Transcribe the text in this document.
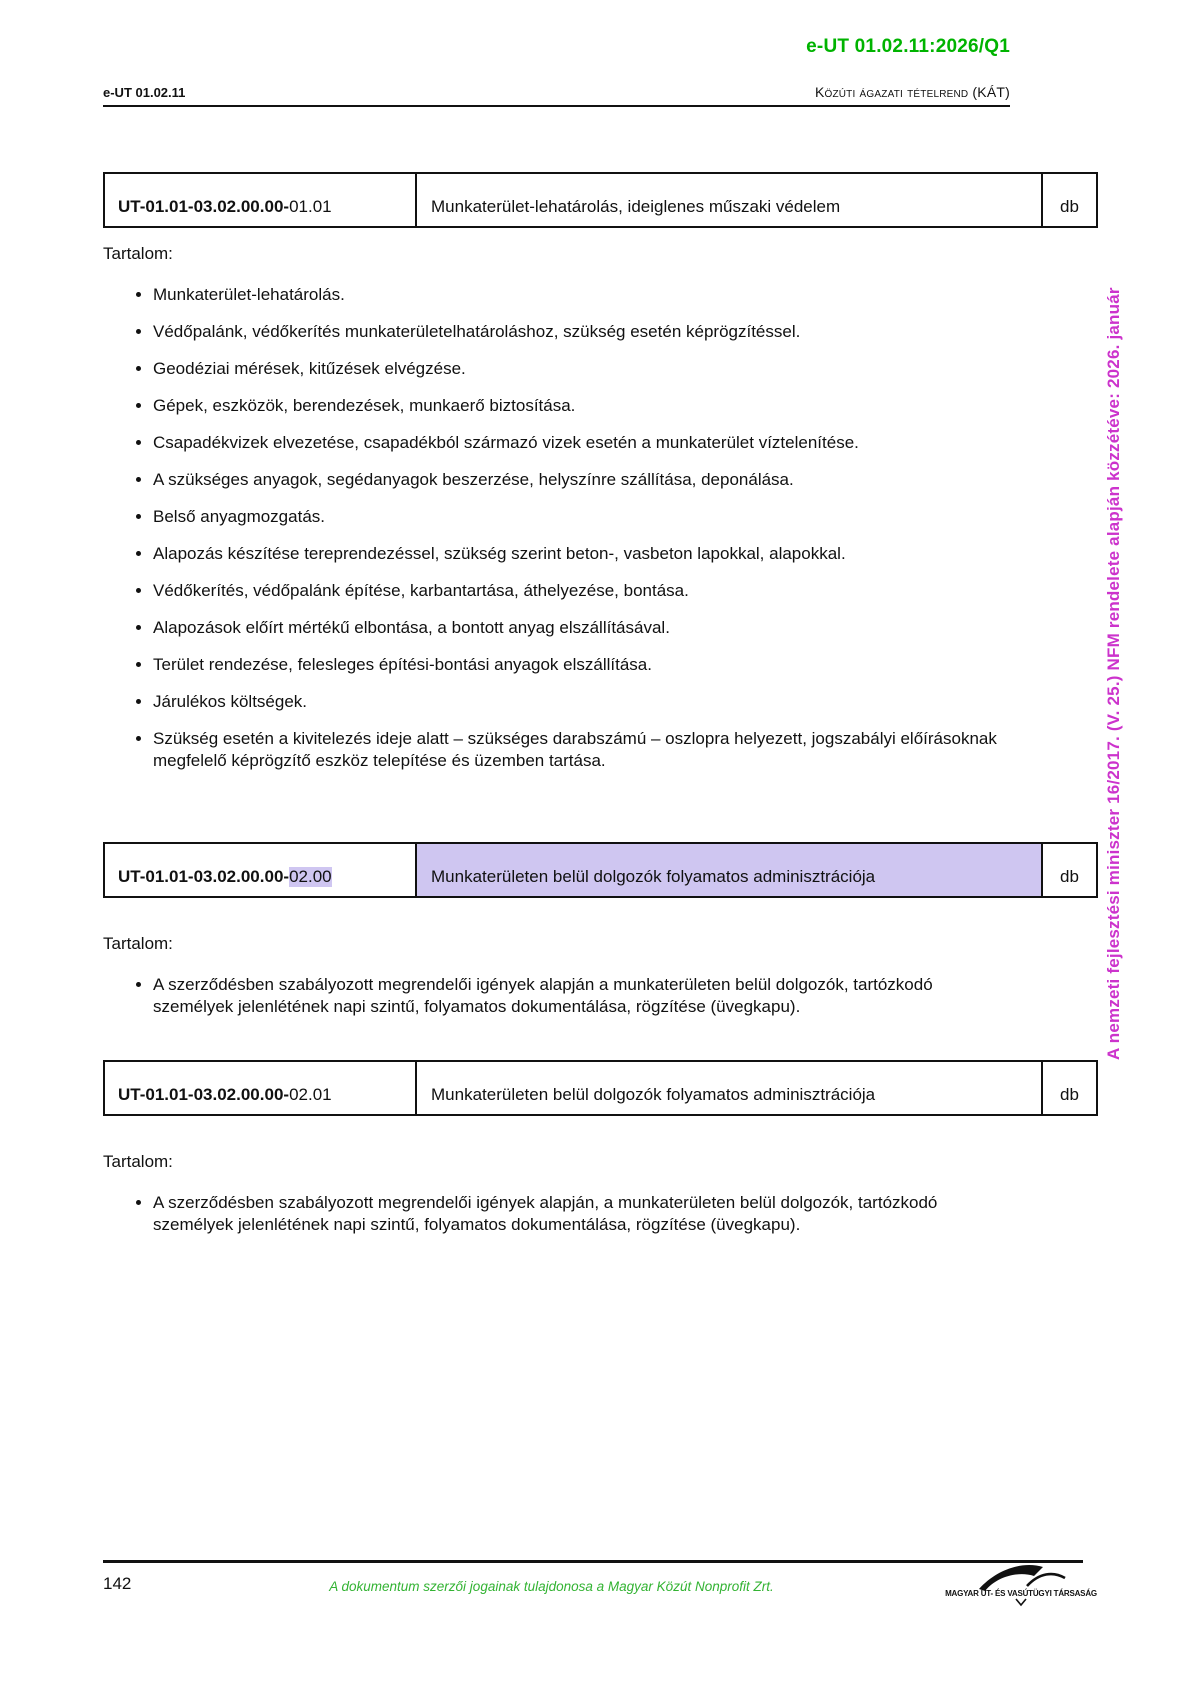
e-UT 01.02.11:2026/Q1
e-UT 01.02.11	Közúti ágazati tételrend (KÁT)
UT-01.01-03.02.00.00- 01.01	Munkaterület-lehatárolás, ideiglenes műszaki védelem	db
Tartalom:
• Munkaterület-lehatárolás.
• Védőpalánk, védőkerítés munkaterületelhatároláshoz, szükség esetén képrögzítéssel.
• Geodéziai mérések, kitűzések elvégzése.
• Gépek, eszközök, berendezések, munkaerő biztosítása.
• Csapadékvizek elvezetése, csapadékból származó vizek esetén a munkaterület víztelenítése.
• A szükséges anyagok, segédanyagok beszerzése, helyszínre szállítása, deponálása.
• Belső anyagmozgatás.
• Alapozás készítése tereprendezéssel, szükség szerint beton-, vasbeton lapokkal, alapokkal.
• Védőkerítés, védőpalánk építése, karbantartása, áthelyezése, bontása.
• Alapozások előírt mértékű elbontása, a bontott anyag elszállításával.
• Terület rendezése, felesleges építési-bontási anyagok elszállítása.
• Járulékos költségek.
• Szükség esetén a kivitelezés ideje alatt – szükséges darabszámú – oszlopra helyezett, jogszabályi előírásoknak megfelelő képrögzítő eszköz telepítése és üzemben tartása.
UT-01.01-03.02.00.00- 02.00	Munkaterületen belül dolgozók folyamatos adminisztrációja	db
Tartalom:
• A szerződésben szabályozott megrendelői igények alapján a munkaterületen belül dolgozók, tartózkodó személyek jelenlétének napi szintű, folyamatos dokumentálása, rögzítése (üvegkapu).
UT-01.01-03.02.00.00- 02.01	Munkaterületen belül dolgozók folyamatos adminisztrációja	db
Tartalom:
• A szerződésben szabályozott megrendelői igények alapján, a munkaterületen belül dolgozók, tartózkodó személyek jelenlétének napi szintű, folyamatos dokumentálása, rögzítése (üvegkapu).
A nemzeti fejlesztési miniszter 16/2017. (V. 25.) NFM rendelete alapján közzétéve: 2026. január
142	A dokumentum szerzői jogainak tulajdonosa a Magyar Közút Nonprofit Zrt.	MAGYAR ÚT- ÉS VASÚTÜGYI TÁRSASÁG
